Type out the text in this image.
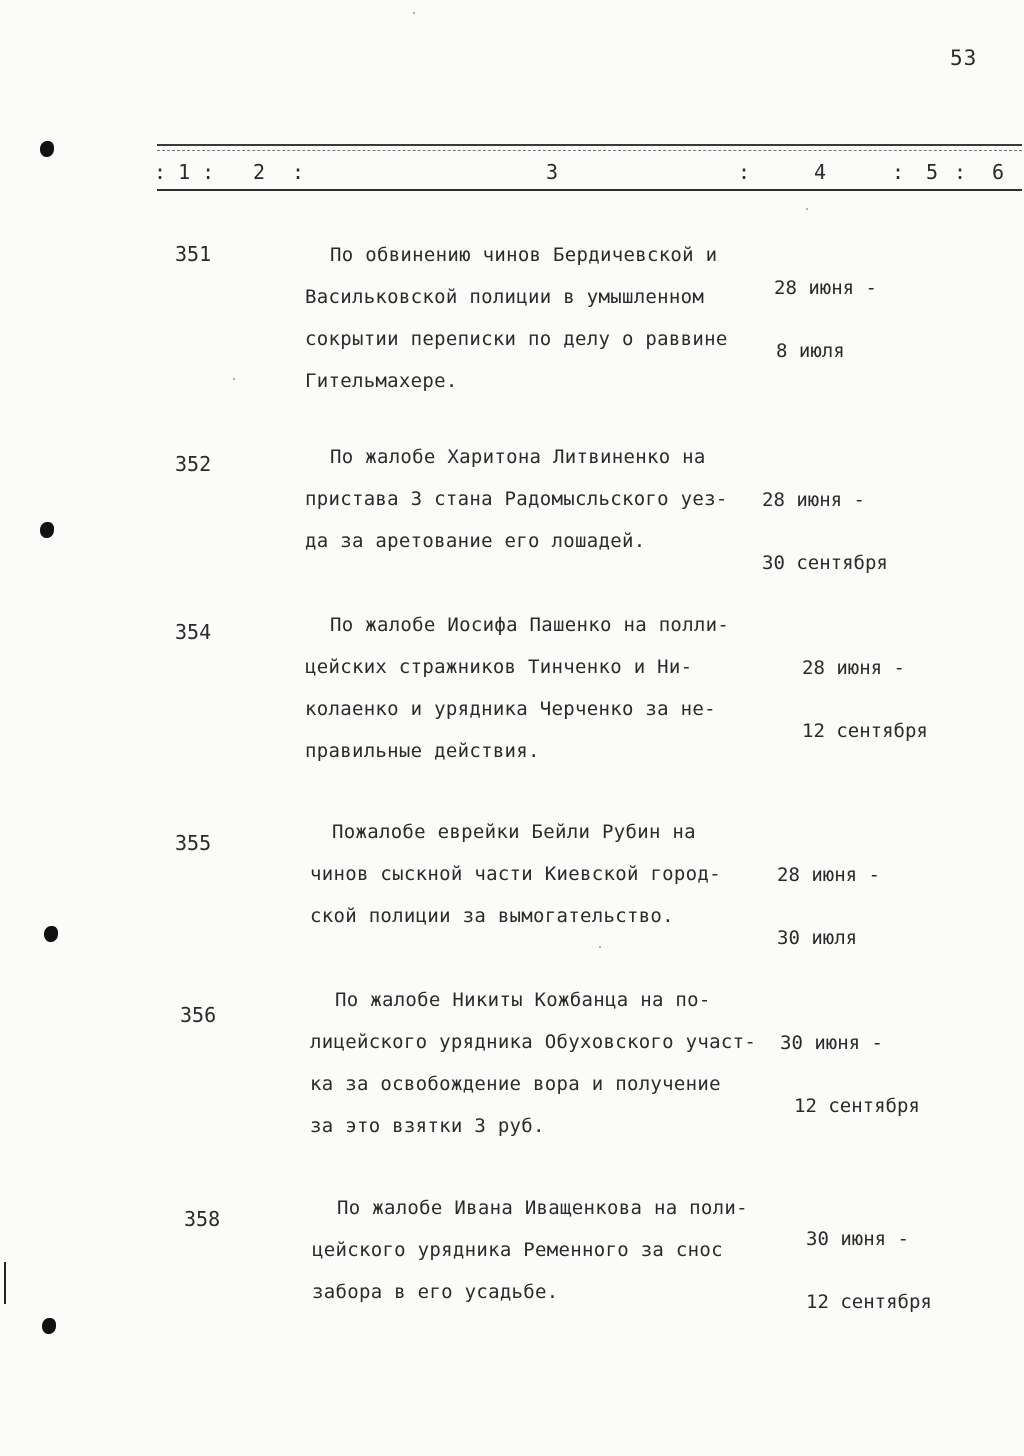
53
: 1 : 2 :	3	:	4	: 5 : 6
351	По обвинению чинов Бердичевской и
Васильковской полиции в умышленном
сокрытии переписки по делу о раввине
Гительмахере.

28 июня -

8 июля

352	По жалобе Харитона Литвиненко на
пристава 3 стана Радомысльского уез-
да за аретование его лошадей.

28 июня -

30 сентября

354	По жалобе Иосифа Пашенко на полли-
цейских стражников Тинченко и Ни-
колаенко и урядника Черченко за не-
правильные действия.

28 июня -

12 сентября

355	Пожалобе еврейки Бейли Рубин на
чинов сыскной части Киевской город-
ской полиции за вымогательство.

28 июня -

30 июля

356
По жалобе Никиты Кожбанца на по-
лицейского урядника Обуховского участ-
ка за освобождение вора и получение
за это взятки 3 руб.

30 июня -

12 сентября

358	По жалобе Ивана Иващенкова на поли-
цейского урядника Ременного за снос
забора в его усадьбе.

30 июня -

12 сентября
